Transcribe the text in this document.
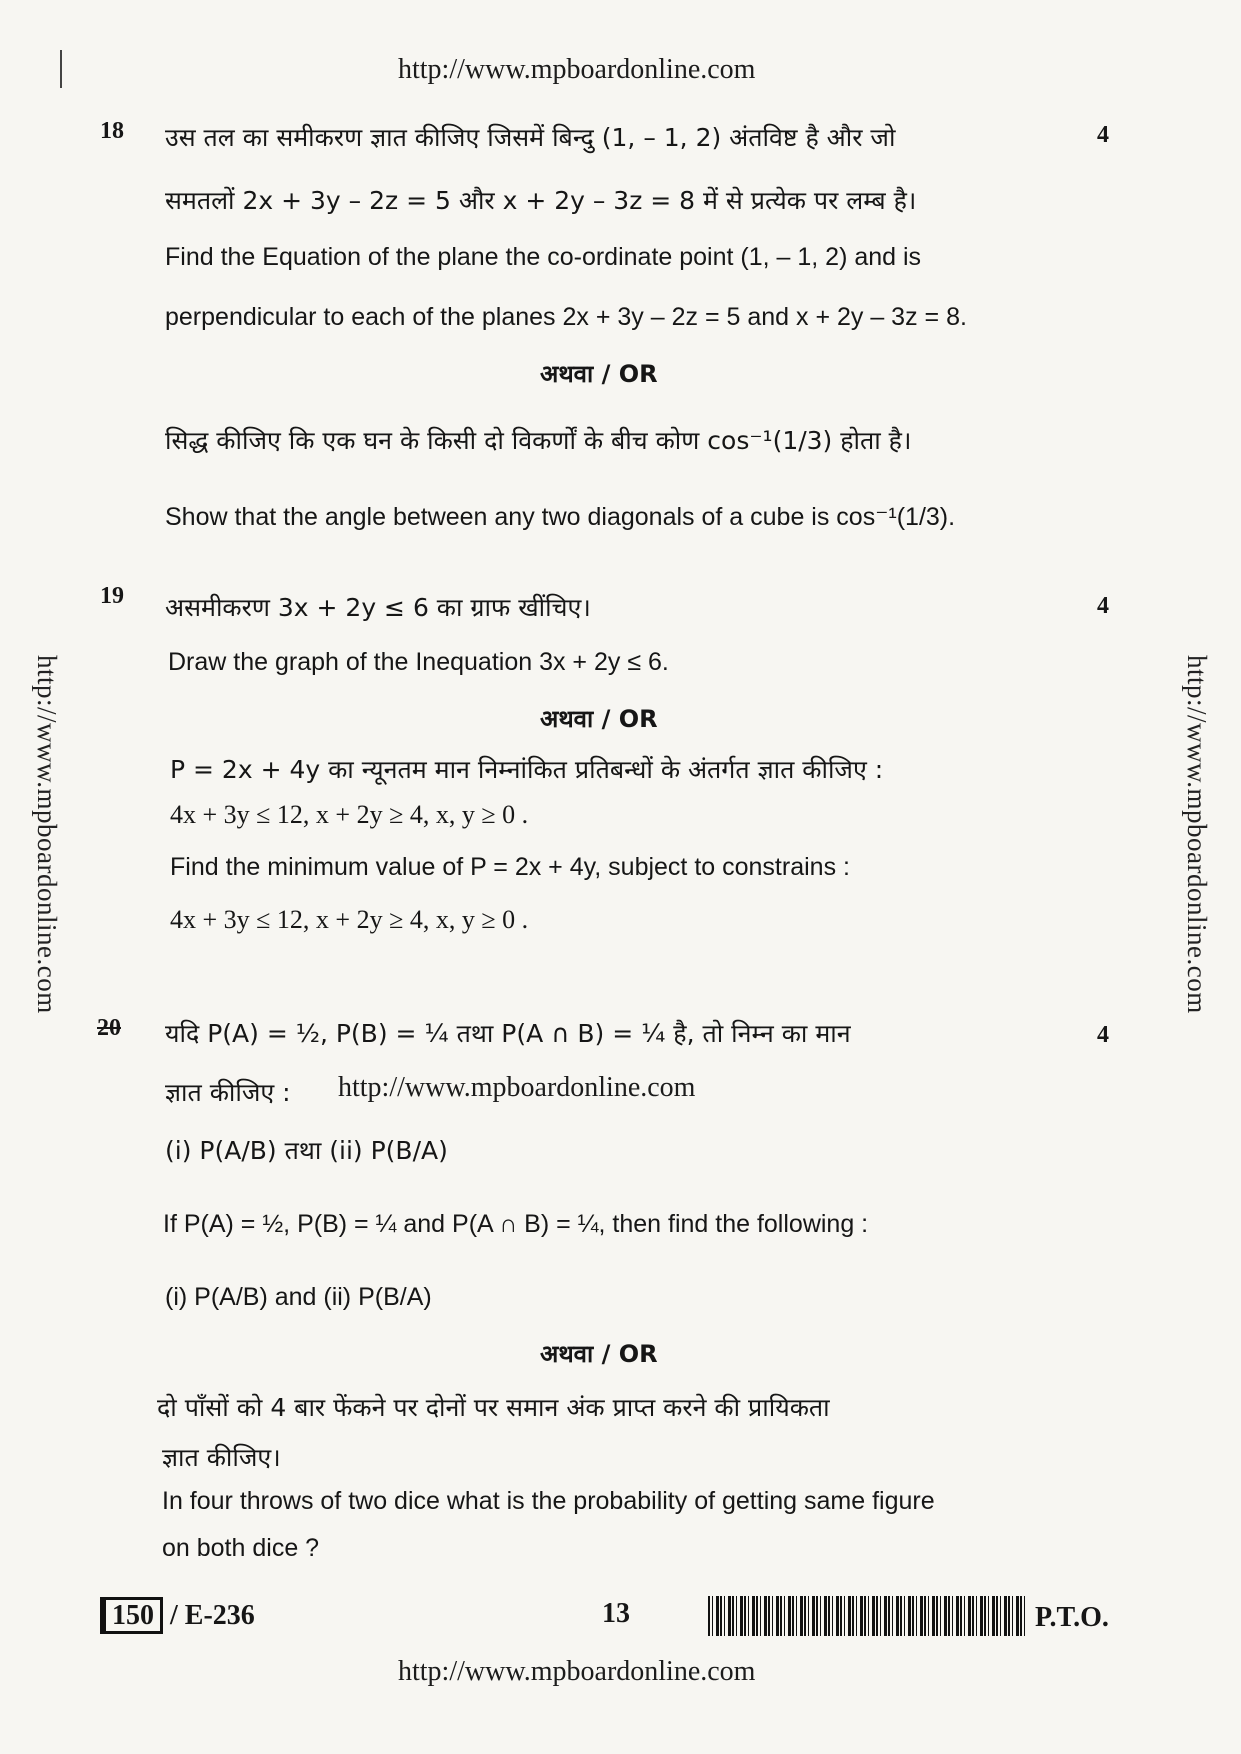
http://www.mpboardonline.com
http://www.mpboardonline.com	http://www.mpboardonline.com
18	4
उस तल का समीकरण ज्ञात कीजिए जिसमें बिन्दु (1, – 1, 2) अंतविष्ट है और जो
समतलों 2x + 3y – 2z = 5 और x + 2y – 3z = 8 में से प्रत्येक पर लम्ब है।
Find the Equation of the plane the co-ordinate point (1, – 1, 2) and is
perpendicular to each of the planes 2x + 3y – 2z = 5 and x + 2y – 3z = 8.
अथवा / OR
सिद्ध कीजिए कि एक घन के किसी दो विकर्णों के बीच कोण cos⁻¹(1/3) होता है।
Show that the angle between any two diagonals of a cube is cos⁻¹(1/3).
19	4
असमीकरण 3x + 2y ≤ 6 का ग्राफ खींचिए।
Draw the graph of the Inequation 3x + 2y ≤ 6.
अथवा / OR
P = 2x + 4y का न्यूनतम मान निम्नांकित प्रतिबन्धों के अंतर्गत ज्ञात कीजिए :
4x + 3y ≤ 12, x + 2y ≥ 4, x, y ≥ 0 .
Find the minimum value of P = 2x + 4y, subject to constrains :
4x + 3y ≤ 12, x + 2y ≥ 4, x, y ≥ 0 .
20	4
यदि P(A) = ½, P(B) = ¼ तथा P(A ∩ B) = ¼ है, तो निम्न का मान
ज्ञात कीजिए : http://www.mpboardonline.com
(i) P(A/B) तथा (ii) P(B/A)
If P(A) = ½, P(B) = ¼ and P(A ∩ B) = ¼, then find the following :
(i) P(A/B) and (ii) P(B/A)
अथवा / OR
दो पाँसों को 4 बार फेंकने पर दोनों पर समान अंक प्राप्त करने की प्रायिकता
ज्ञात कीजिए।
In four throws of two dice what is the probability of getting same figure
on both dice ?
150 / E-236	13	P.T.O.
http://www.mpboardonline.com
